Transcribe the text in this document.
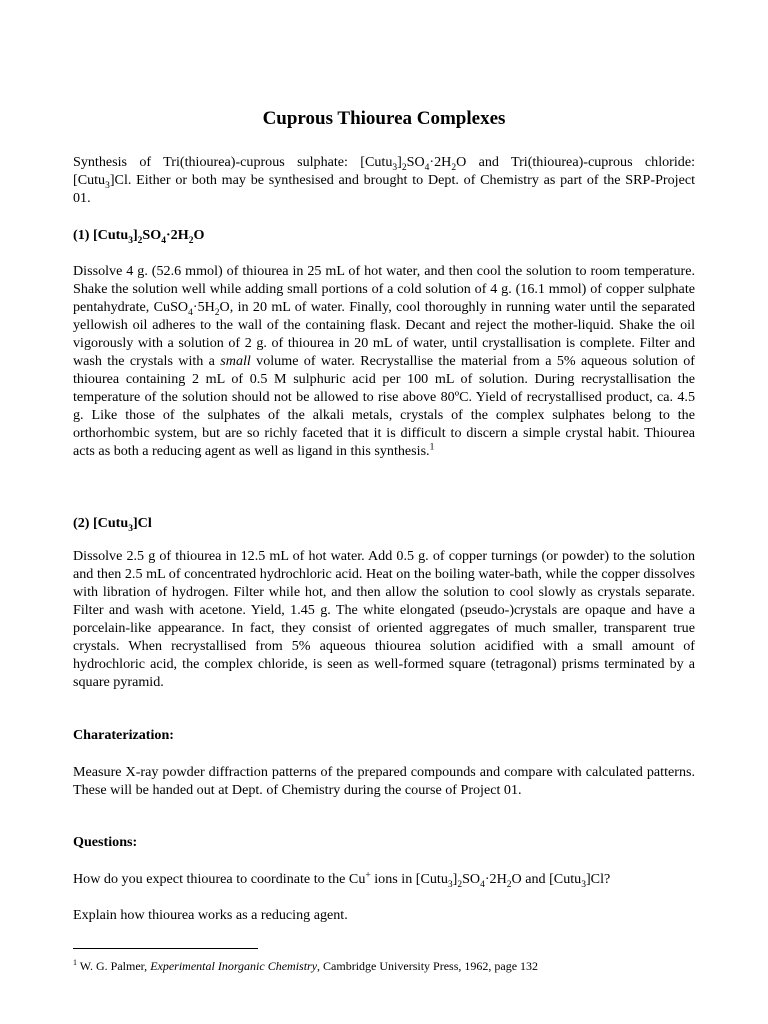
Cuprous Thiourea Complexes

Synthesis of Tri(thiourea)-cuprous sulphate: $[Cutu_3]_2SO_4\cdot 2H_2O$ and Tri(thiourea)-cuprous chloride: [Cutu$_3$]Cl. Either or both may be synthesised and brought to Dept. of Chemistry as part of the SRP-Project 01.

(1) $[Cutu_3]_2SO_4\cdot 2H_2O$

Dissolve 4 g. (52.6 mmol) of thiourea in 25 mL of hot water, and then cool the solution to room temperature. Shake the solution well while adding small portions of a cold solution of 4 g. (16.1 mmol) of copper sulphate pentahydrate, $CuSO_4\cdot 5H_2O$, in 20 mL of water. Finally, cool thoroughly in running water until the separated yellowish oil adheres to the wall of the containing flask. Decant and reject the mother-liquid. Shake the oil vigorously with a solution of 2 g. of thiourea in 20 mL of water, until crystallisation is complete. Filter and wash the crystals with a small volume of water. Recrystallise the material from a 5% aqueous solution of thiourea containing 2 mL of 0.5 M sulphuric acid per 100 mL of solution. During recrystallisation the temperature of the solution should not be allowed to rise above 80ºC. Yield of recrystallised product, ca. 4.5 g. Like those of the sulphates of the alkali metals, crystals of the complex sulphates belong to the orthorhombic system, but are so richly faceted that it is difficult to discern a simple crystal habit. Thiourea acts as both a reducing agent as well as ligand in this synthesis.$^1$

(2) [Cutu$_3$]Cl

Dissolve 2.5 g of thiourea in 12.5 mL of hot water. Add 0.5 g. of copper turnings (or powder) to the solution and then 2.5 mL of concentrated hydrochloric acid. Heat on the boiling water-bath, while the copper dissolves with libration of hydrogen. Filter while hot, and then allow the solution to cool slowly as crystals separate. Filter and wash with acetone. Yield, 1.45 g. The white elongated (pseudo-)crystals are opaque and have a porcelain-like appearance. In fact, they consist of oriented aggregates of much smaller, transparent true crystals. When recrystallised from 5% aqueous thiourea solution acidified with a small amount of hydrochloric acid, the complex chloride, is seen as well-formed square (tetragonal) prisms terminated by a square pyramid.

Charaterization:

Measure X-ray powder diffraction patterns of the prepared compounds and compare with calculated patterns. These will be handed out at Dept. of Chemistry during the course of Project 01.

Questions:

How do you expect thiourea to coordinate to the Cu+ ions in $[Cutu_3]_2SO_4\cdot 2H_2O$ and [Cutu$_3$]Cl?

Explain how thiourea works as a reducing agent.

$^1$ W. G. Palmer, Experimental Inorganic Chemistry, Cambridge University Press, 1962, page 132
